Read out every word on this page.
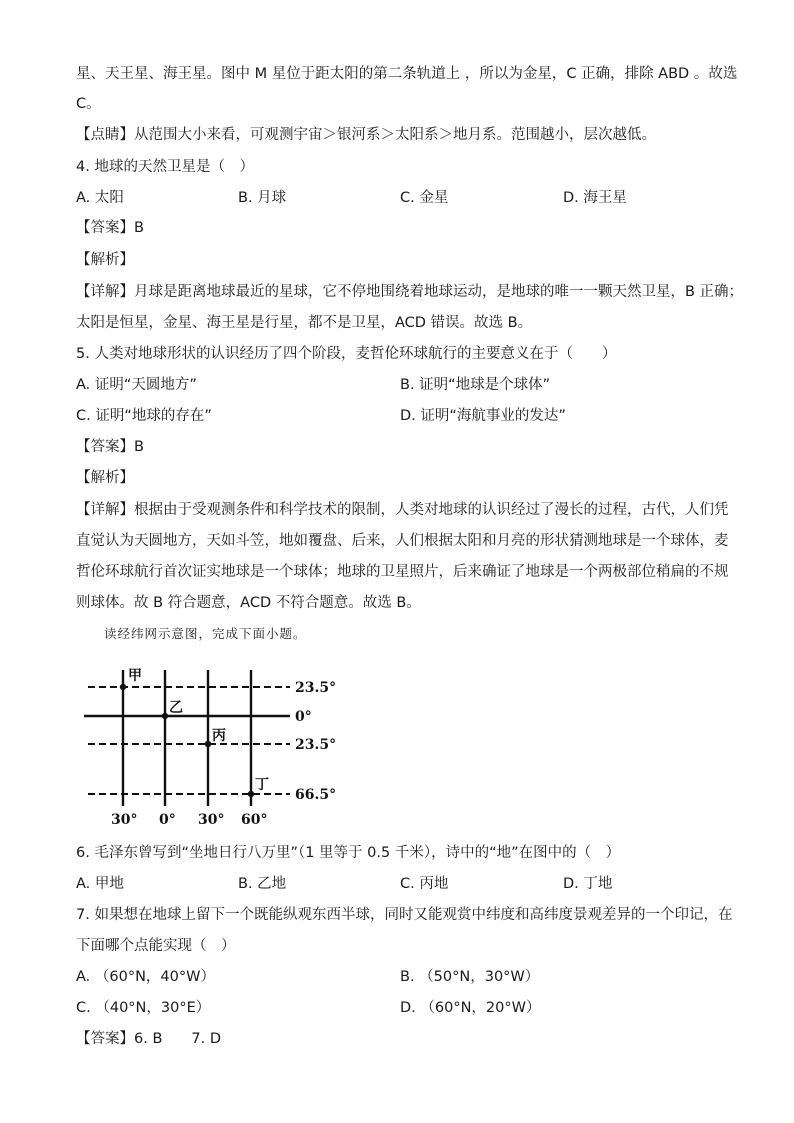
星、天王星、海王星。图中 M 星位于距太阳的第二条轨道上 ，所以为金星，C 正确，排除 ABD 。故选
C。
【点睛】从范围大小来看，可观测宇宙＞银河系＞太阳系＞地月系。范围越小，层次越低。
4. 地球的天然卫星是（　）
A. 太阳	B. 月球	C. 金星	D. 海王星
【答案】B
【解析】
【详解】月球是距离地球最近的星球，它不停地围绕着地球运动，是地球的唯一一颗天然卫星，B 正确；
太阳是恒星，金星、海王星是行星，都不是卫星，ACD 错误。故选 B。
5. 人类对地球形状的认识经历了四个阶段，麦哲伦环球航行的主要意义在于（　　）
A. 证明“天圆地方”	B. 证明“地球是个球体”
C. 证明“地球的存在”	D. 证明“海航事业的发达”
【答案】B
【解析】
【详解】根据由于受观测条件和科学技术的限制，人类对地球的认识经过了漫长的过程，古代，人们凭
直觉认为天圆地方，天如斗笠，地如覆盘、后来，人们根据太阳和月亮的形状猜测地球是一个球体，麦
哲伦环球航行首次证实地球是一个球体；地球的卫星照片，后来确证了地球是一个两极部位稍扁的不规
则球体。故 B 符合题意，ACD 不符合题意。故选 B。
读经纬网示意图，完成下面小题。
甲
乙
丙
丁
23.5°
0°
23.5°
66.5°
30° 0° 30° 60°
6. 毛泽东曾写到“坐地日行八万里”（1 里等于 0.5 千米），诗中的“地”在图中的（　）
A. 甲地	B. 乙地	C. 丙地	D. 丁地
7. 如果想在地球上留下一个既能纵观东西半球，同时又能观赏中纬度和高纬度景观差异的一个印记，在
下面哪个点能实现（　）
A. （60°N，40°W）	B. （50°N，30°W）
C. （40°N，30°E）	D. （60°N，20°W）
【答案】6. B　　7. D
